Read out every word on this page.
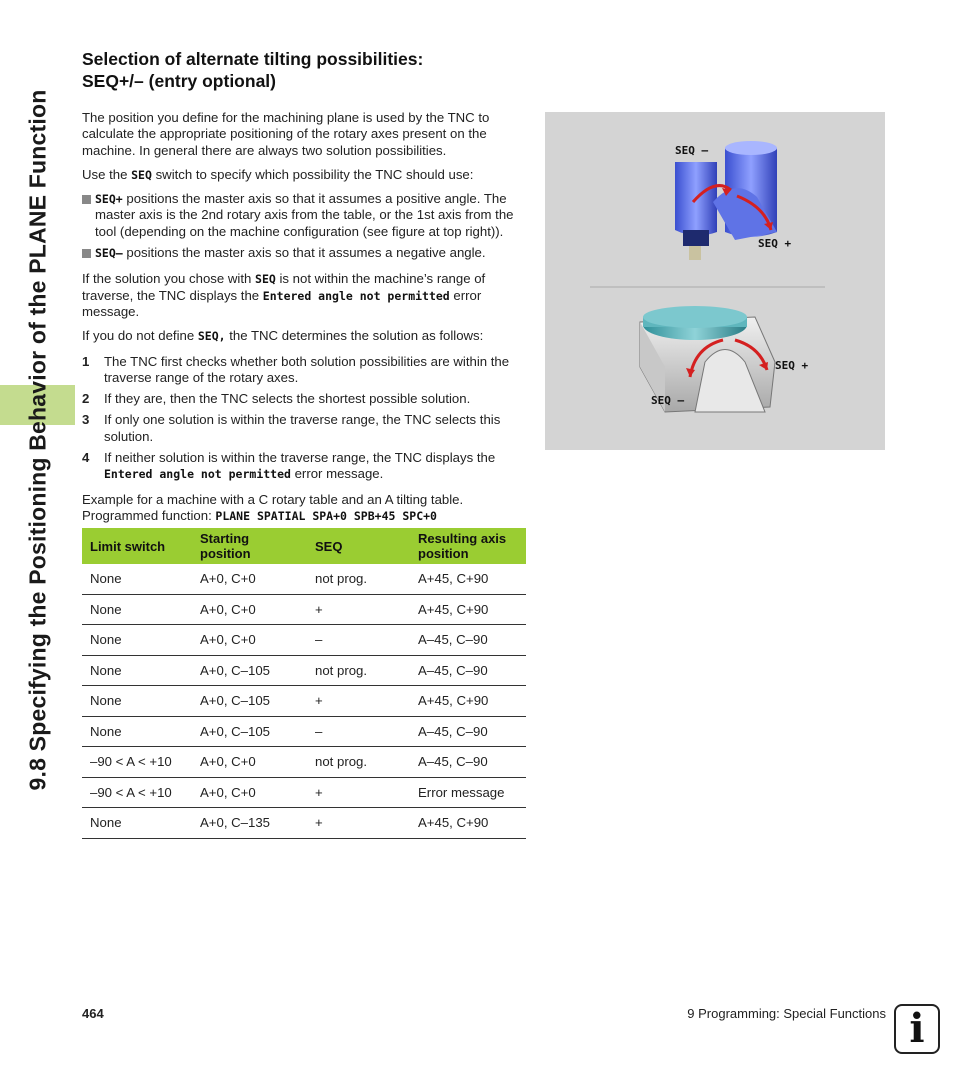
9.8 Specifying the Positioning Behavior of the PLANE Function
Selection of alternate tilting possibilities:
SEQ+/– (entry optional)

The position you define for the machining plane is used by the TNC to calculate the appropriate positioning of the rotary axes present on the machine. In general there are always two solution possibilities.

Use the SEQ switch to specify which possibility the TNC should use:

SEQ+ positions the master axis so that it assumes a positive angle. The master axis is the 2nd rotary axis from the table, or the 1st axis from the tool (depending on the machine configuration (see figure at top right)).
SEQ– positions the master axis so that it assumes a negative angle.

If the solution you chose with SEQ is not within the machine’s range of traverse, the TNC displays the Entered angle not permitted error message.

If you do not define SEQ, the TNC determines the solution as follows:

1	The TNC first checks whether both solution possibilities are within the traverse range of the rotary axes.
2	If they are, then the TNC selects the shortest possible solution.
3	If only one solution is within the traverse range, the TNC selects this solution.
4	If neither solution is within the traverse range, the TNC displays the Entered angle not permitted error message.

Example for a machine with a C rotary table and an A tilting table.
Programmed function: PLANE SPATIAL SPA+0 SPB+45 SPC+0

Limit switch	Starting position	SEQ	Resulting axis position
None	A+0, C+0	not prog.	A+45, C+90
None	A+0, C+0	+	A+45, C+90
None	A+0, C+0	–	A–45, C–90
None	A+0, C–105	not prog.	A–45, C–90
None	A+0, C–105	+	A+45, C+90
None	A+0, C–105	–	A–45, C–90
–90 < A < +10	A+0, C+0	not prog.	A–45, C–90
–90 < A < +10	A+0, C+0	+	Error message
None	A+0, C–135	+	A+45, C+90
SEQ –
SEQ +
SEQ +
SEQ –
464	9 Programming: Special Functions i
